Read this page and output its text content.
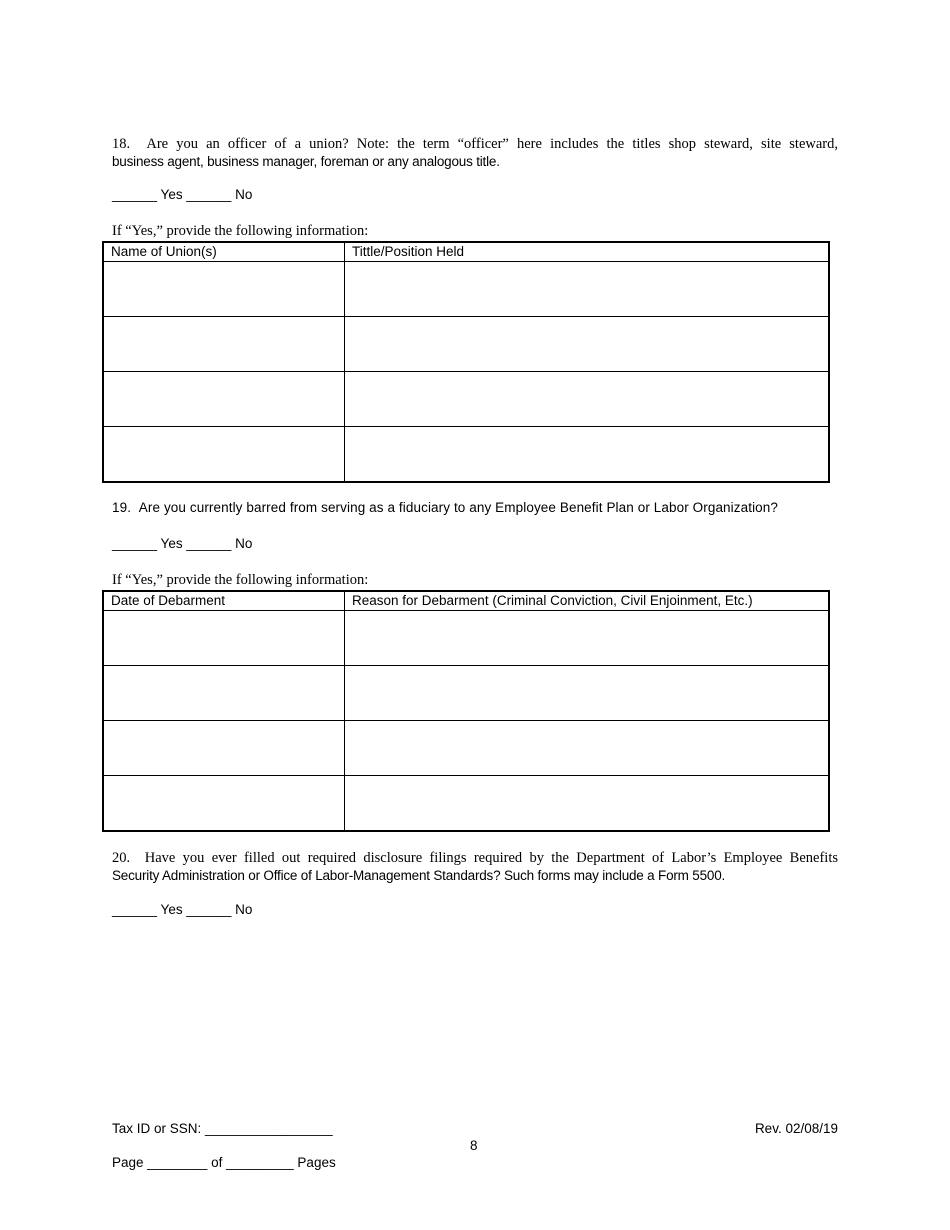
18. Are you an officer of a union? Note: the term “officer” here includes the titles shop steward, site steward,
business agent, business manager, foreman or any analogous title.
______ Yes ______ No
If “Yes,” provide the following information:
Name of Union(s)	Tittle/Position Held

19. Are you currently barred from serving as a fiduciary to any Employee Benefit Plan or Labor Organization?
______ Yes ______ No
If “Yes,” provide the following information:
Date of Debarment	Reason for Debarment (Criminal Conviction, Civil Enjoinment, Etc.)

20. Have you ever filled out required disclosure filings required by the Department of Labor’s Employee Benefits
Security Administration or Office of Labor-Management Standards? Such forms may include a Form 5500.
______ Yes ______ No
Tax ID or SSN: _________________	Rev. 02/08/19
8
Page ________ of _________ Pages
